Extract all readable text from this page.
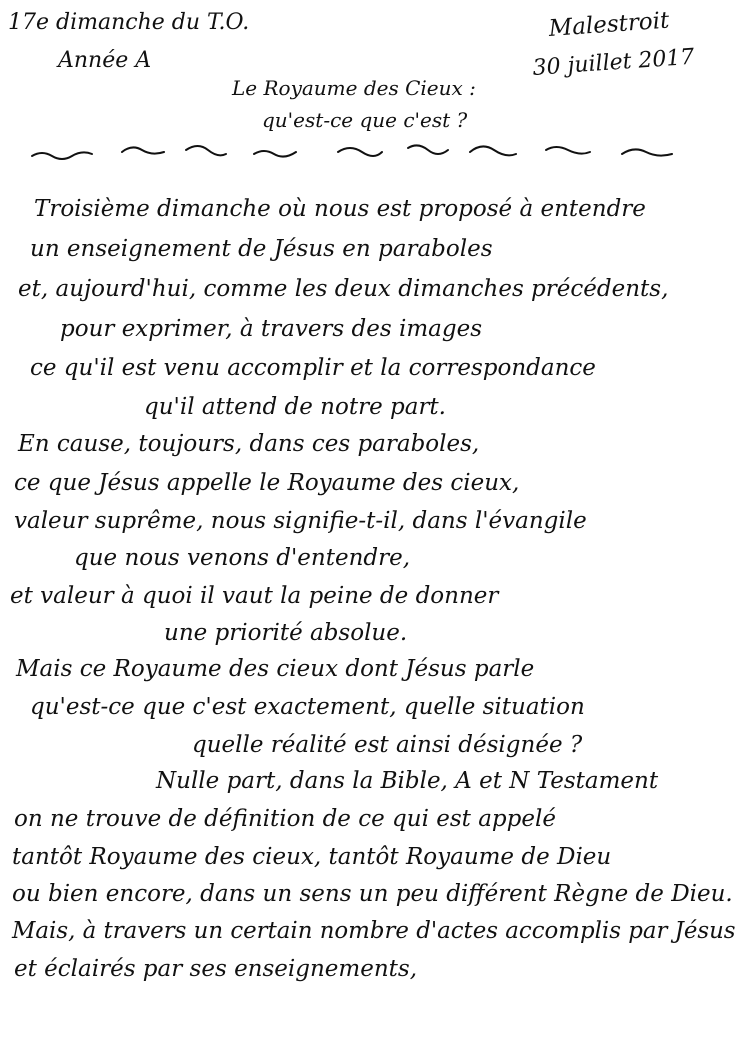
17e dimanche du T.O.
Année A
Malestroit
30 juillet 2017
Le Royaume des Cieux :
qu'est-ce que c'est ?
Troisième dimanche où nous est proposé à entendre
un enseignement de Jésus en paraboles
et, aujourd'hui, comme les deux dimanches précédents,
pour exprimer, à travers des images
ce qu'il est venu accomplir et la correspondance
qu'il attend de notre part.
En cause, toujours, dans ces paraboles,
ce que Jésus appelle le Royaume des cieux,
valeur suprême, nous signifie-t-il, dans l'évangile
que nous venons d'entendre,
et valeur à quoi il vaut la peine de donner
une priorité absolue.
Mais ce Royaume des cieux dont Jésus parle
qu'est-ce que c'est exactement, quelle situation
quelle réalité est ainsi désignée ?
Nulle part, dans la Bible, A et N Testament
on ne trouve de définition de ce qui est appelé
tantôt Royaume des cieux, tantôt Royaume de Dieu
ou bien encore, dans un sens un peu différent Règne de Dieu.
Mais, à travers un certain nombre d'actes accomplis par Jésus
et éclairés par ses enseignements,
